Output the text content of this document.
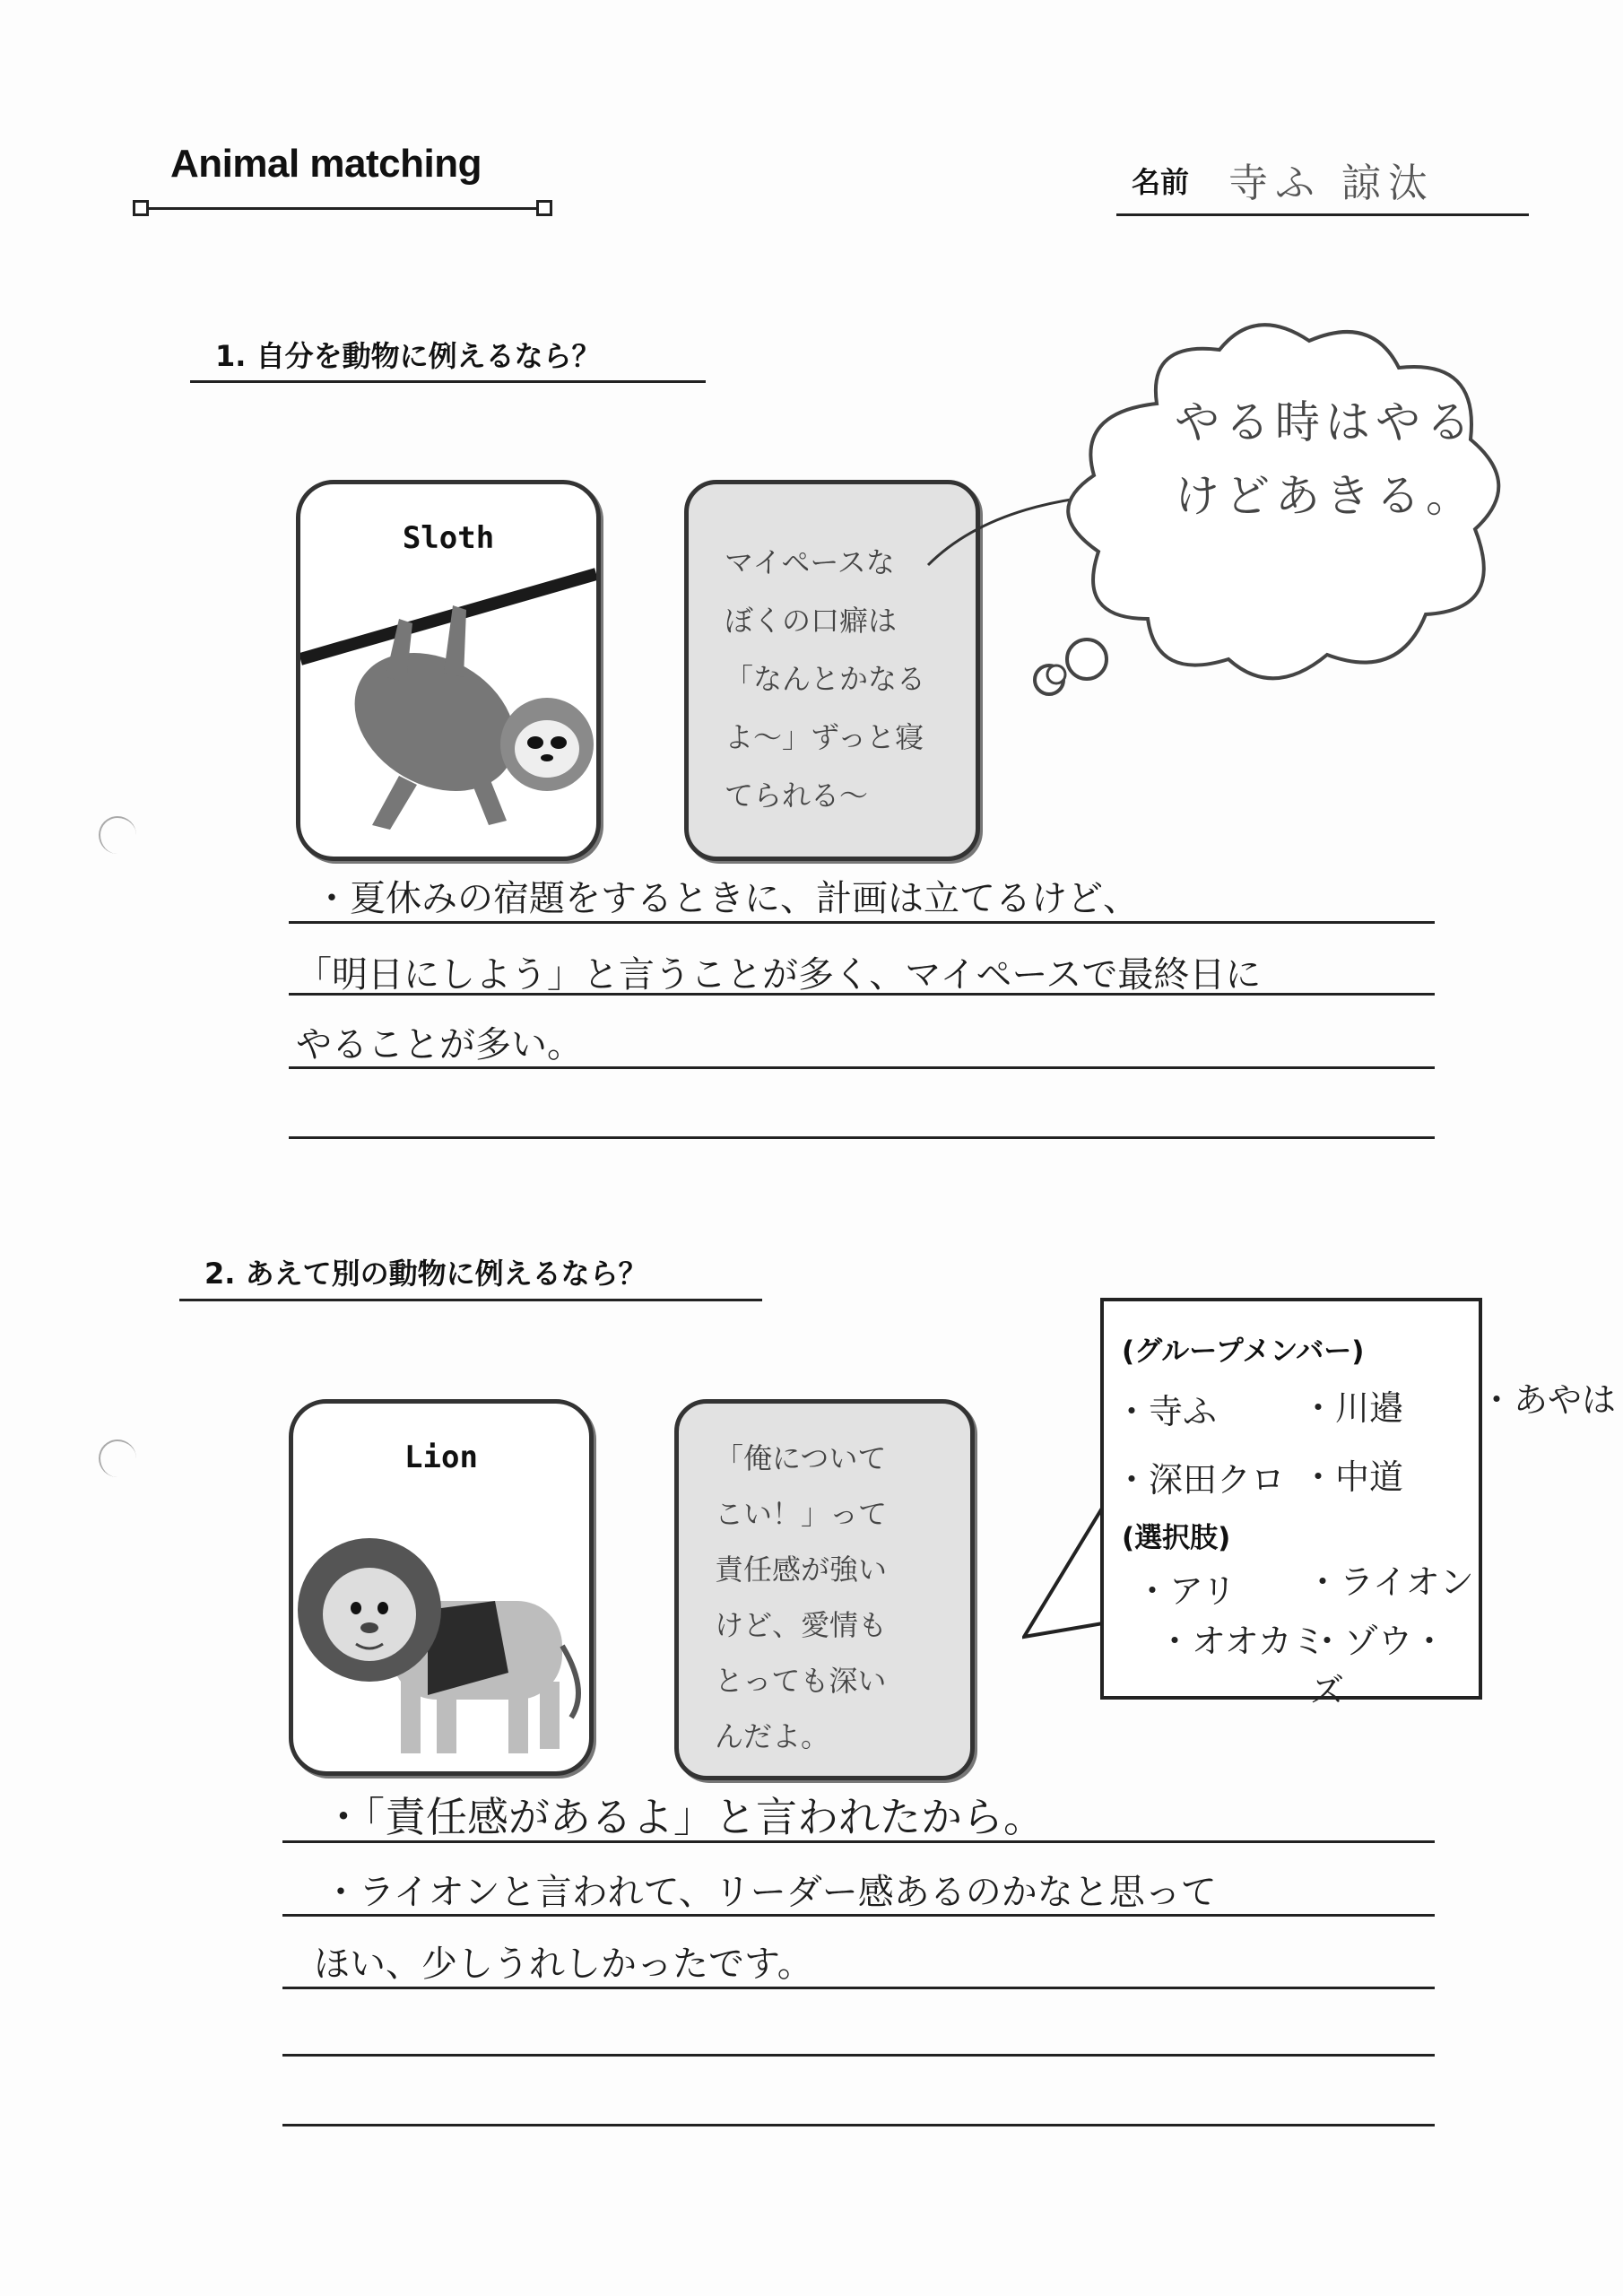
Animal matching	名前 寺ふ 諒汰
1. 自分を動物に例えるなら？
Sloth
マイペースな
ぼくの口癖は
「なんとかなる
よ～」ずっと寝
てられる～
やる時はやる
けどあきる。
・夏休みの宿題をするときに、計画は立てるけど、
「明日にしよう」と言うことが多く、マイペースで最終日に
やることが多い。
2. あえて別の動物に例えるなら？
Lion	「俺について
こい！」って
責任感が強い
けど、愛情も
とっても深い
んだよ。
(グループメンバー)
・寺ふ ・川邉
・深田クロ ・中道
(選択肢)
・アリ ・ライオン
・オオカミ
・ゾウ・ズ
・あやは
・「責任感があるよ」と言われたから。
・ライオンと言われて、リーダー感あるのかなと思って
ほい、少しうれしかったです。
